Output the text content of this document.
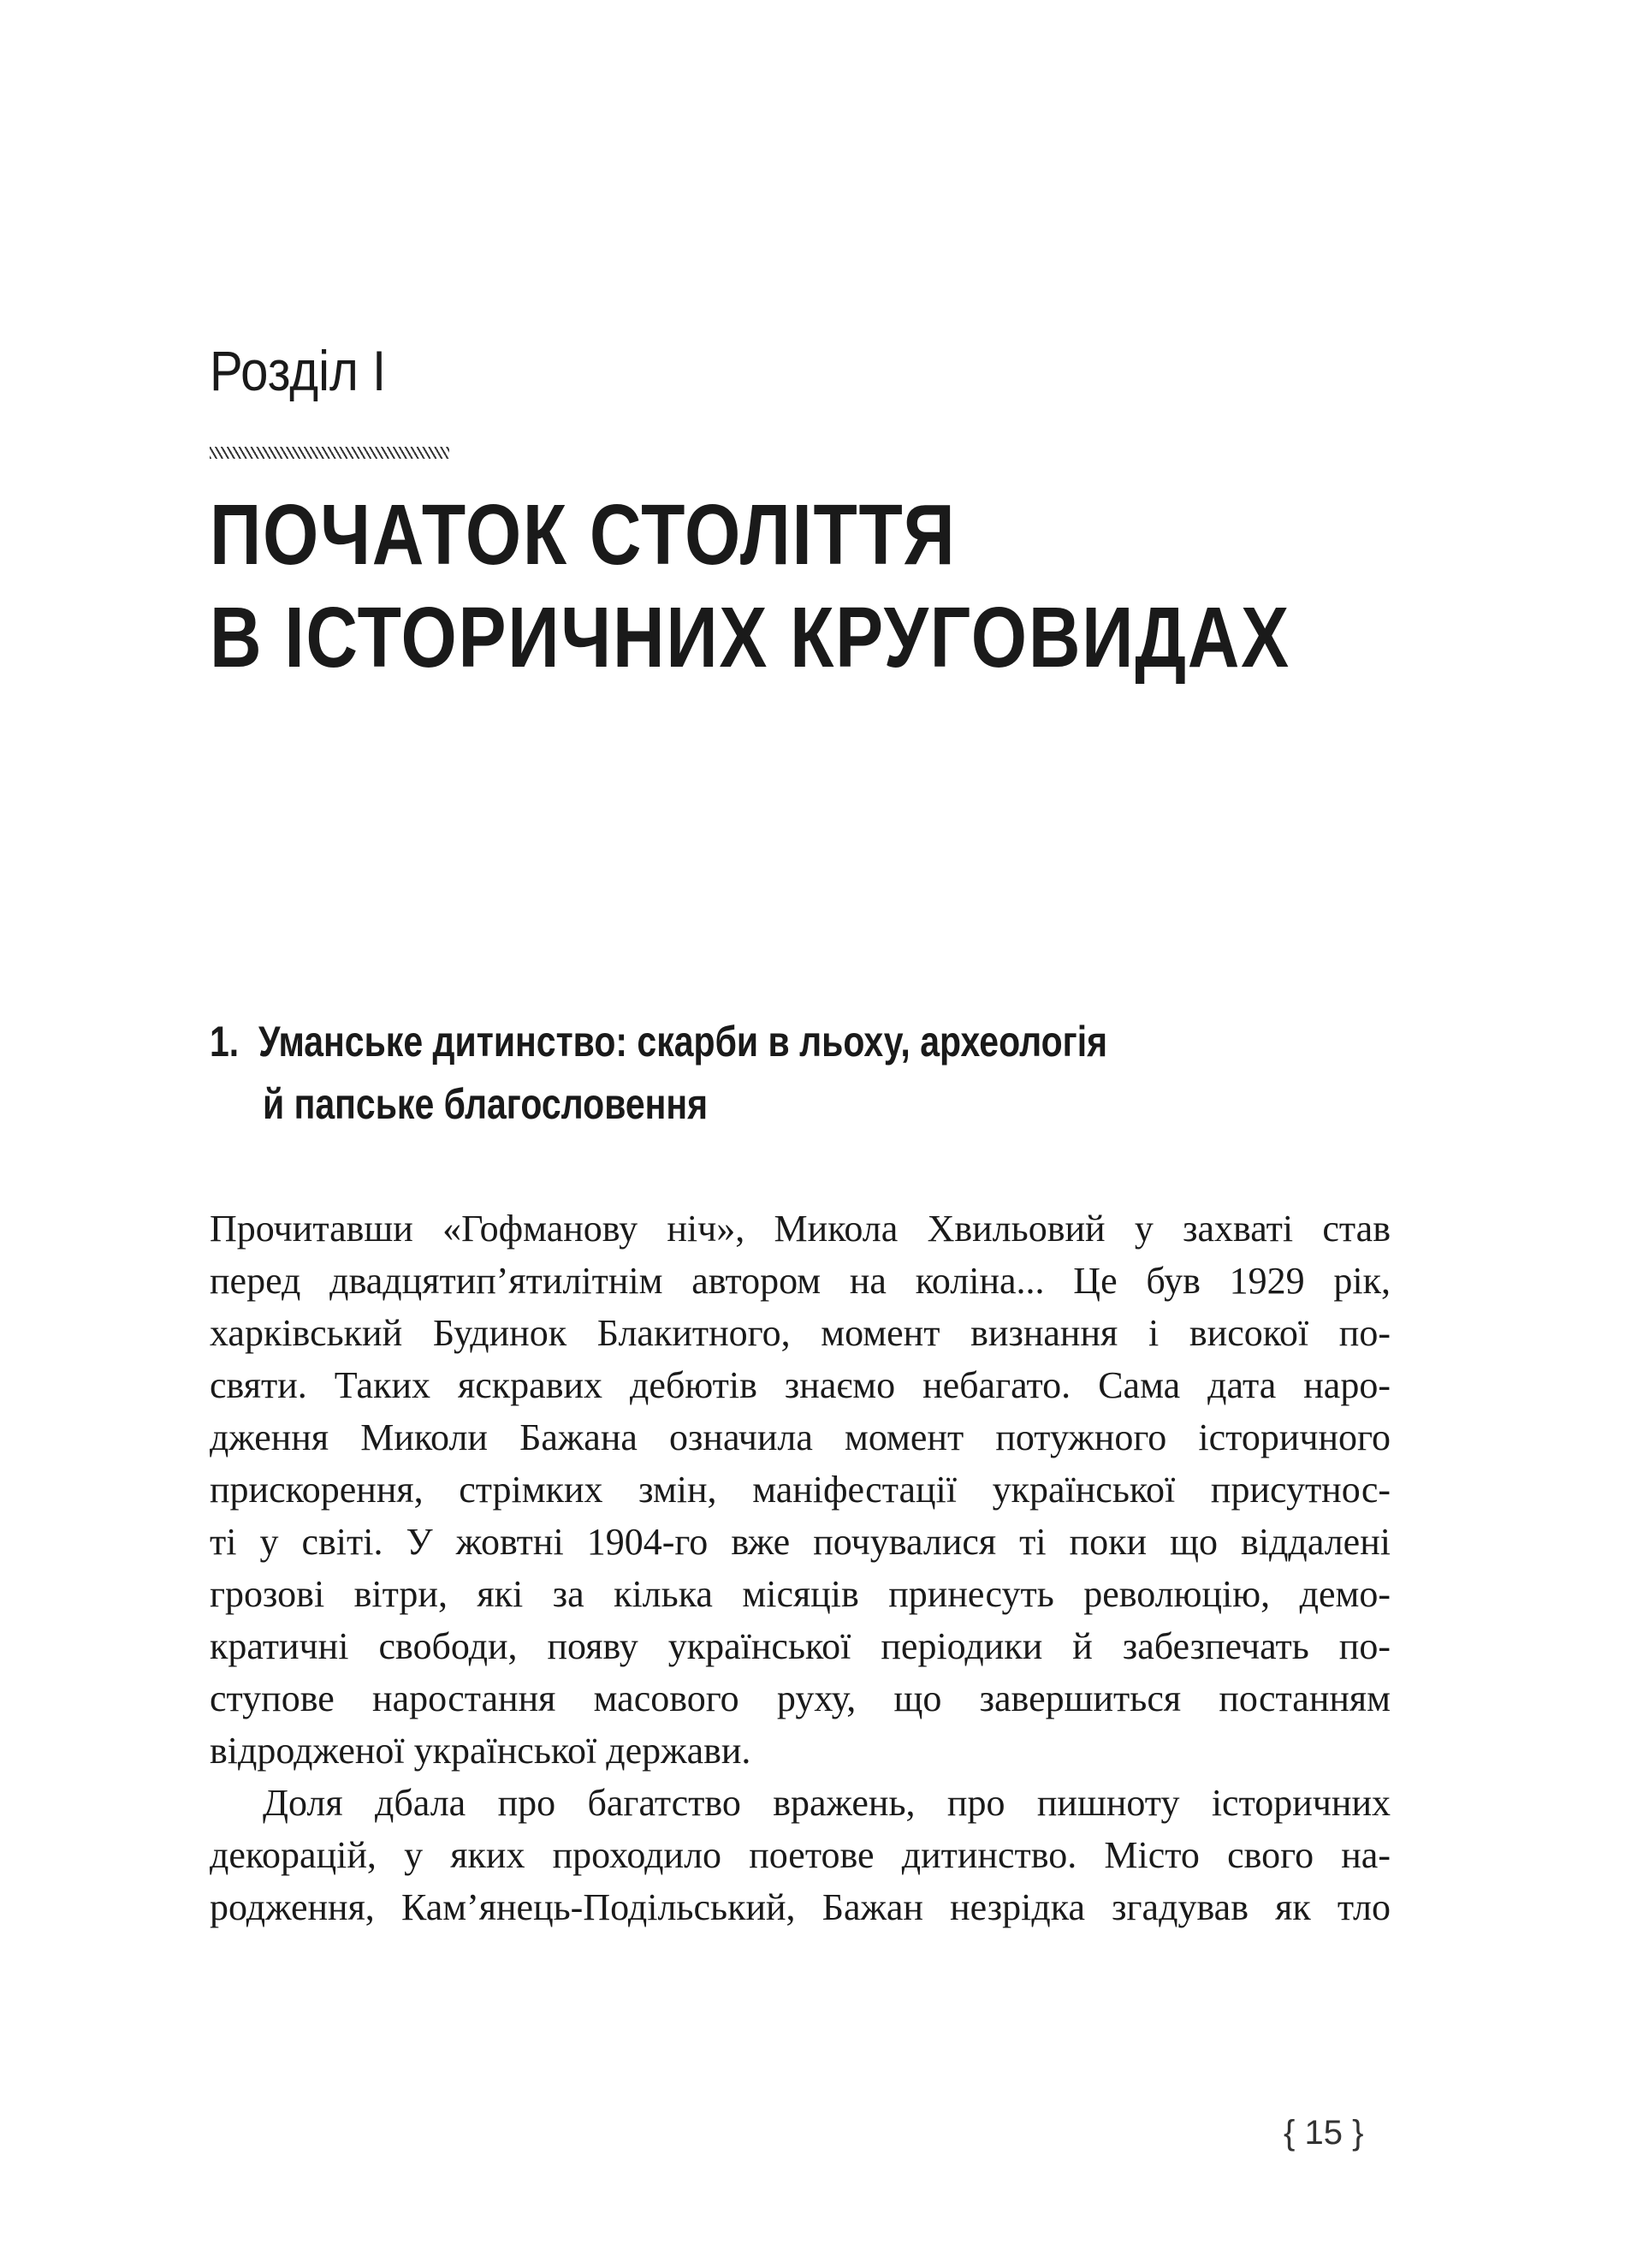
Розділ I
ПОЧАТОК СТОЛІТТЯ
В ІСТОРИЧНИХ КРУГОВИДАХ
1.  Уманське дитинство: скарби в льоху, археологія
й папське благословення
Прочитавши «Гофманову ніч», Микола Хвильовий у захваті став
перед двадцятип’ятилітнім автором на коліна... Це був 1929 рік,
харківський Будинок Блакитного, момент визнання і високої по-
святи. Таких яскравих дебютів знаємо небагато. Сама дата наро-
дження Миколи Бажана означила момент потужного історичного
прискорення, стрімких змін, маніфестації української присутнос-
ті у світі. У жовтні 1904-го вже почувалися ті поки що віддалені
грозові вітри, які за кілька місяців принесуть революцію, демо-
кратичні свободи, появу української періодики й забезпечать по-
ступове наростання масового руху, що завершиться постанням
відродженої української держави.
Доля дбала про багатство вражень, про пишноту історичних
декорацій, у яких проходило поетове дитинство. Місто свого на-
родження, Кам’янець-Подільський, Бажан незрідка згадував як тло
{ 15 }
